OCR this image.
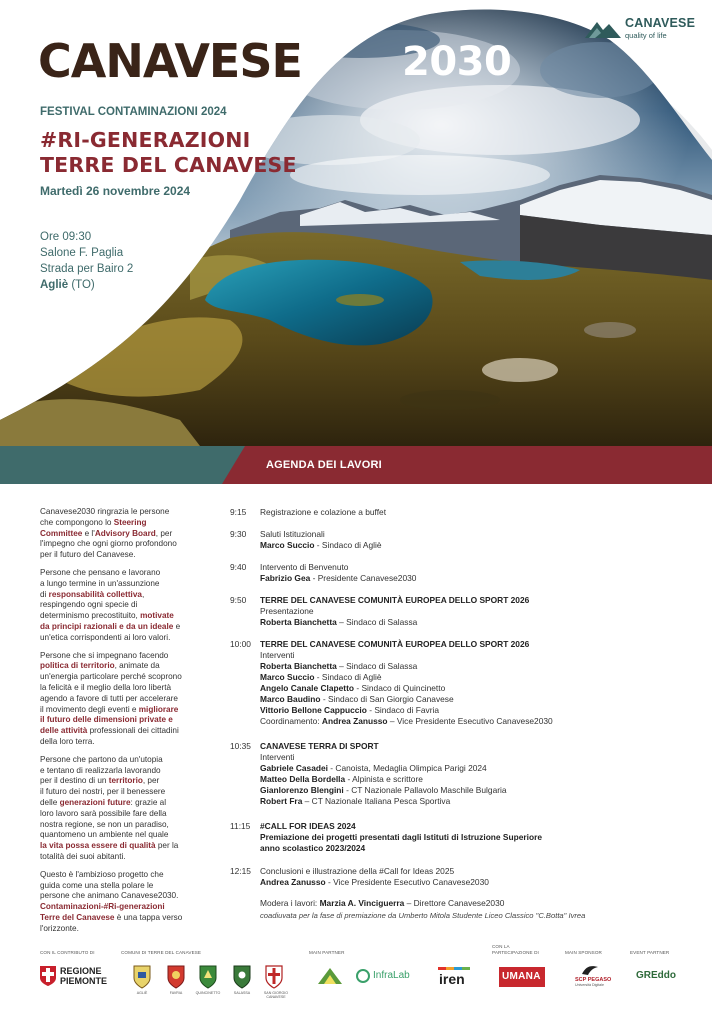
CANAVESE
quality of life
CANAVESE	2030
FESTIVAL CONTAMINAZIONI 2024
#RI-GENERAZIONI
TERRE DEL CANAVESE
Martedì 26 novembre 2024
Ore 09:30
Salone F. Paglia
Strada per Bairo 2
Agliè (TO)
AGENDA DEI LAVORI

Canavese2030 ringrazia le persone
che compongono lo Steering
Committee e l'Advisory Board, per
l'impegno che ogni giorno profondono
per il futuro del Canavese.

Persone che pensano e lavorano
a lungo termine in un'assunzione
di responsabilità collettiva,
respingendo ogni specie di
determinismo precostituito, motivate
da principi razionali e da un ideale e
un'etica corrispondenti ai loro valori.

Persone che si impegnano facendo
politica di territorio, animate da
un'energia particolare perché scoprono
la felicità e il meglio della loro libertà
agendo a favore di tutti per accelerare
il movimento degli eventi e migliorare
il futuro delle dimensioni private e
delle attività professionali dei cittadini
della loro terra.

Persone che partono da un'utopia
e tentano di realizzarla lavorando
per il destino di un territorio, per
il futuro dei nostri, per il benessere
delle generazioni future: grazie al
loro lavoro sarà possibile fare della
nostra regione, se non un paradiso,
quantomeno un ambiente nel quale
la vita possa essere di qualità per la
totalità dei suoi abitanti.

Questo è l'ambizioso progetto che
guida come una stella polare le
persone che animano Canavese2030.
Contaminazioni-#Ri-generazioni
Terre del Canavese è una tappa verso
l'orizzonte.

9:15 Registrazione e colazione a buffet
9:30 Saluti Istituzionali
Marco Succio - Sindaco di Agliè
9:40 Intervento di Benvenuto
Fabrizio Gea - Presidente Canavese2030
9:50 TERRE DEL CANAVESE COMUNITÀ EUROPEA DELLO SPORT 2026
Presentazione
Roberta Bianchetta – Sindaco di Salassa
10:00 TERRE DEL CANAVESE COMUNITÀ EUROPEA DELLO SPORT 2026
Interventi
Roberta Bianchetta – Sindaco di Salassa
Marco Succio - Sindaco di Agliè
Angelo Canale Clapetto - Sindaco di Quincinetto
Marco Baudino - Sindaco di San Giorgio Canavese
Vittorio Bellone Cappuccio - Sindaco di Favria
Coordinamento: Andrea Zanusso – Vice Presidente Esecutivo Canavese2030
10:35 CANAVESE TERRA DI SPORT
Interventi
Gabriele Casadei - Canoista, Medaglia Olimpica Parigi 2024
Matteo Della Bordella - Alpinista e scrittore
Gianlorenzo Blengini - CT Nazionale Pallavolo Maschile Bulgaria
Robert Fra – CT Nazionale Italiana Pesca Sportiva
11:15 #CALL FOR IDEAS 2024
Premiazione dei progetti presentati dagli Istituti di Istruzione Superiore
anno scolastico 2023/2024
12:15 Conclusioni e illustrazione della #Call for Ideas 2025
Andrea Zanusso - Vice Presidente Esecutivo Canavese2030
Modera i lavori: Marzia A. Vinciguerra – Direttore Canavese2030
coadiuvata per la fase di premiazione da Umberto Mitola Studente Liceo Classico "C.Botta" Ivrea
CON IL CONTRIBUTO DI	COMUNI DI TERRE DEL CANAVESE	MAIN PARTNER
CON LA
PARTECIPAZIONE DI	MAIN SPONSOR	EVENT PARTNER
REGIONE
PIEMONTE
AGLIÈ	FAVRIA	QUINCINETTO	SALASSA	SAN GIORGIO CANAVESE
InfraLab iren	UMANA	SCP PEGASO
Università Digitale
GREddo
